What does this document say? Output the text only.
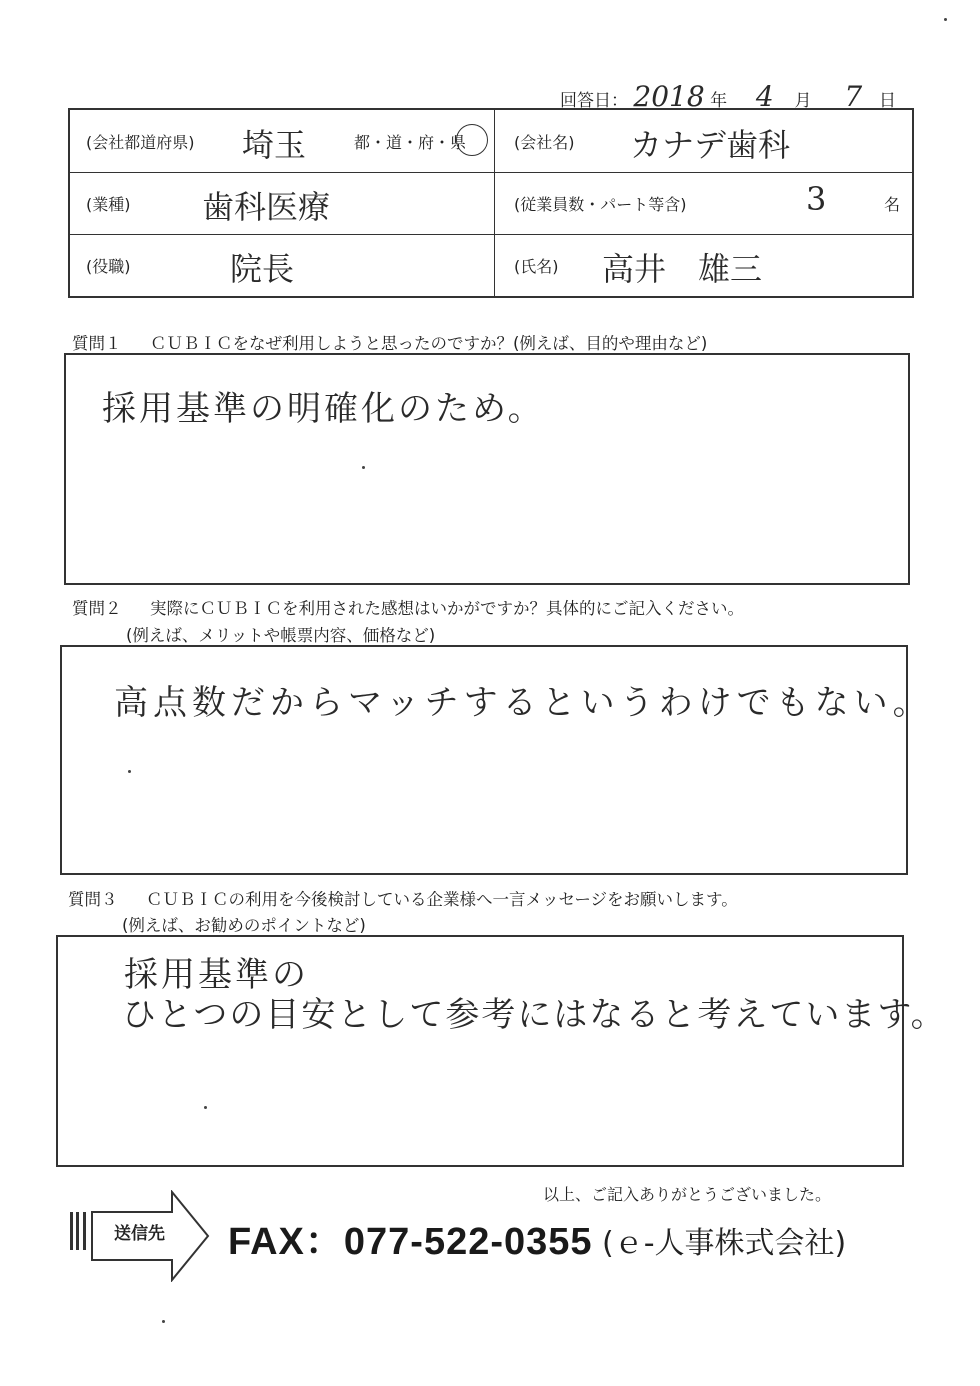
回答日： 2018 年 4 月 7 日
(会社都道府県) 埼玉	都・道・府・県	(会社名) カナデ歯科
(業種) 歯科医療	(従業員数・パート等含)	3	名
(役職)	院長	(氏名) 高井　雄三
質問１ ＣＵＢＩＣをなぜ利用しようと思ったのですか？(例えば、目的や理由など)
採用基準の明確化のため。
質問２ 実際にＣＵＢＩＣを利用された感想はいかがですか？具体的にご記入ください。
(例えば、メリットや帳票内容、価格など)
高点数だからマッチするというわけでもない。
質問３ ＣＵＢＩＣの利用を今後検討している企業様へ一言メッセージをお願いします。
(例えば、お勧めのポイントなど)
採用基準の
ひとつの目安として参考にはなると考えています。
以上、ご記入ありがとうございました。
送信先 FAX：077-522-0355 (ｅ-人事株式会社)
